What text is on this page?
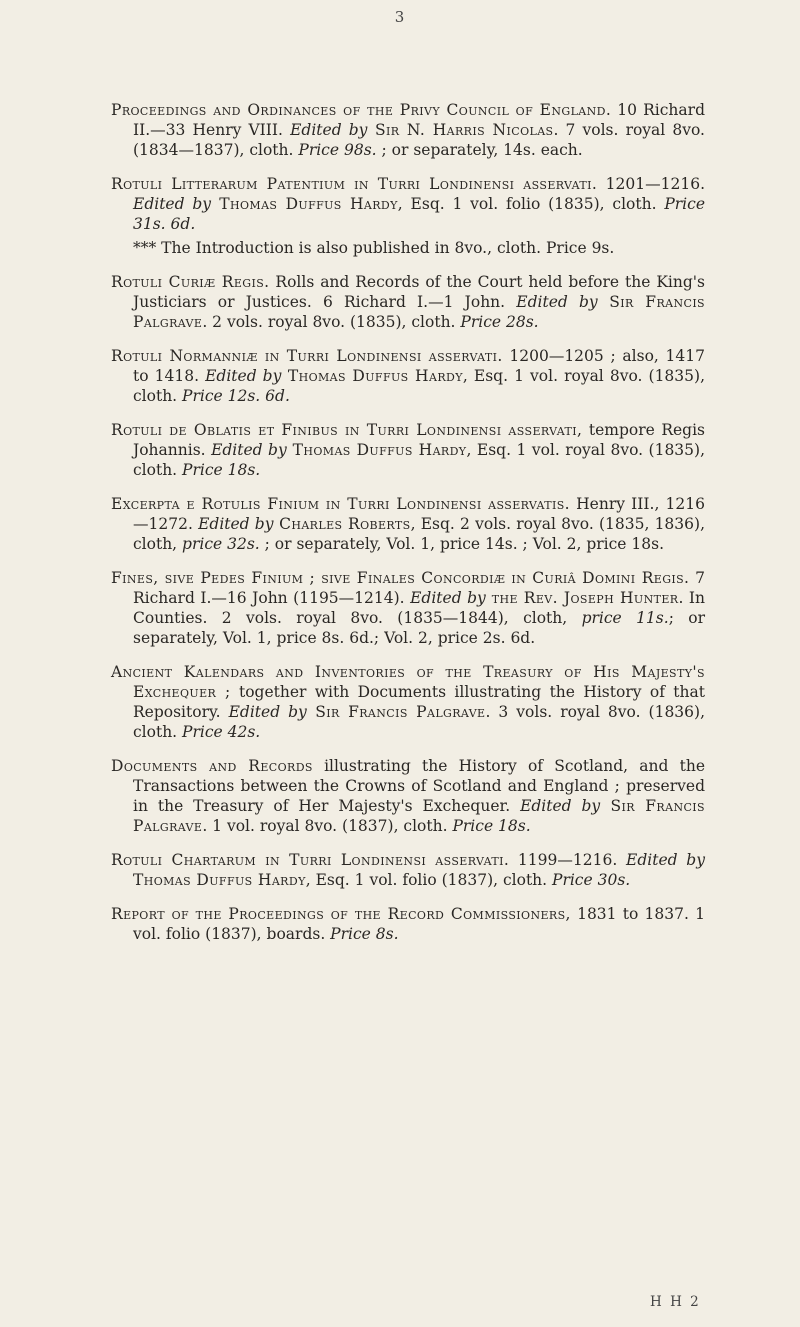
3

Proceedings and Ordinances of the Privy Council of England. 10 Richard II.—33 Henry VIII. Edited by Sir N. Harris Nicolas. 7 vols. royal 8vo. (1834—1837), cloth. Price 98s. ; or separately, 14s. each.

Rotuli Litterarum Patentium in Turri Londinensi asservati. 1201—1216. Edited by Thomas Duffus Hardy, Esq. 1 vol. folio (1835), cloth. Price 31s. 6d.

*** The Introduction is also published in 8vo., cloth. Price 9s.

Rotuli Curiæ Regis. Rolls and Records of the Court held before the King's Justiciars or Justices. 6 Richard I.—1 John. Edited by Sir Francis Palgrave. 2 vols. royal 8vo. (1835), cloth. Price 28s.

Rotuli Normanniæ in Turri Londinensi asservati. 1200—1205 ; also, 1417 to 1418. Edited by Thomas Duffus Hardy, Esq. 1 vol. royal 8vo. (1835), cloth. Price 12s. 6d.

Rotuli de Oblatis et Finibus in Turri Londinensi asservati, tempore Regis Johannis. Edited by Thomas Duffus Hardy, Esq. 1 vol. royal 8vo. (1835), cloth. Price 18s.

Excerpta e Rotulis Finium in Turri Londinensi asservatis. Henry III., 1216—1272. Edited by Charles Roberts, Esq. 2 vols. royal 8vo. (1835, 1836), cloth, price 32s. ; or separately, Vol. 1, price 14s. ; Vol. 2, price 18s.

Fines, sive Pedes Finium ; sive Finales Concordiæ in Curiâ Domini Regis. 7 Richard I.—16 John (1195—1214). Edited by the Rev. Joseph Hunter. In Counties. 2 vols. royal 8vo. (1835—1844), cloth, price 11s.; or separately, Vol. 1, price 8s. 6d.; Vol. 2, price 2s. 6d.

Ancient Kalendars and Inventories of the Treasury of His Majesty's Exchequer ; together with Documents illustrating the History of that Repository. Edited by Sir Francis Palgrave. 3 vols. royal 8vo. (1836), cloth. Price 42s.

Documents and Records illustrating the History of Scotland, and the Transactions between the Crowns of Scotland and England ; preserved in the Treasury of Her Majesty's Exchequer. Edited by Sir Francis Palgrave. 1 vol. royal 8vo. (1837), cloth. Price 18s.

Rotuli Chartarum in Turri Londinensi asservati. 1199—1216. Edited by Thomas Duffus Hardy, Esq. 1 vol. folio (1837), cloth. Price 30s.

Report of the Proceedings of the Record Commissioners, 1831 to 1837. 1 vol. folio (1837), boards. Price 8s.

H H 2
